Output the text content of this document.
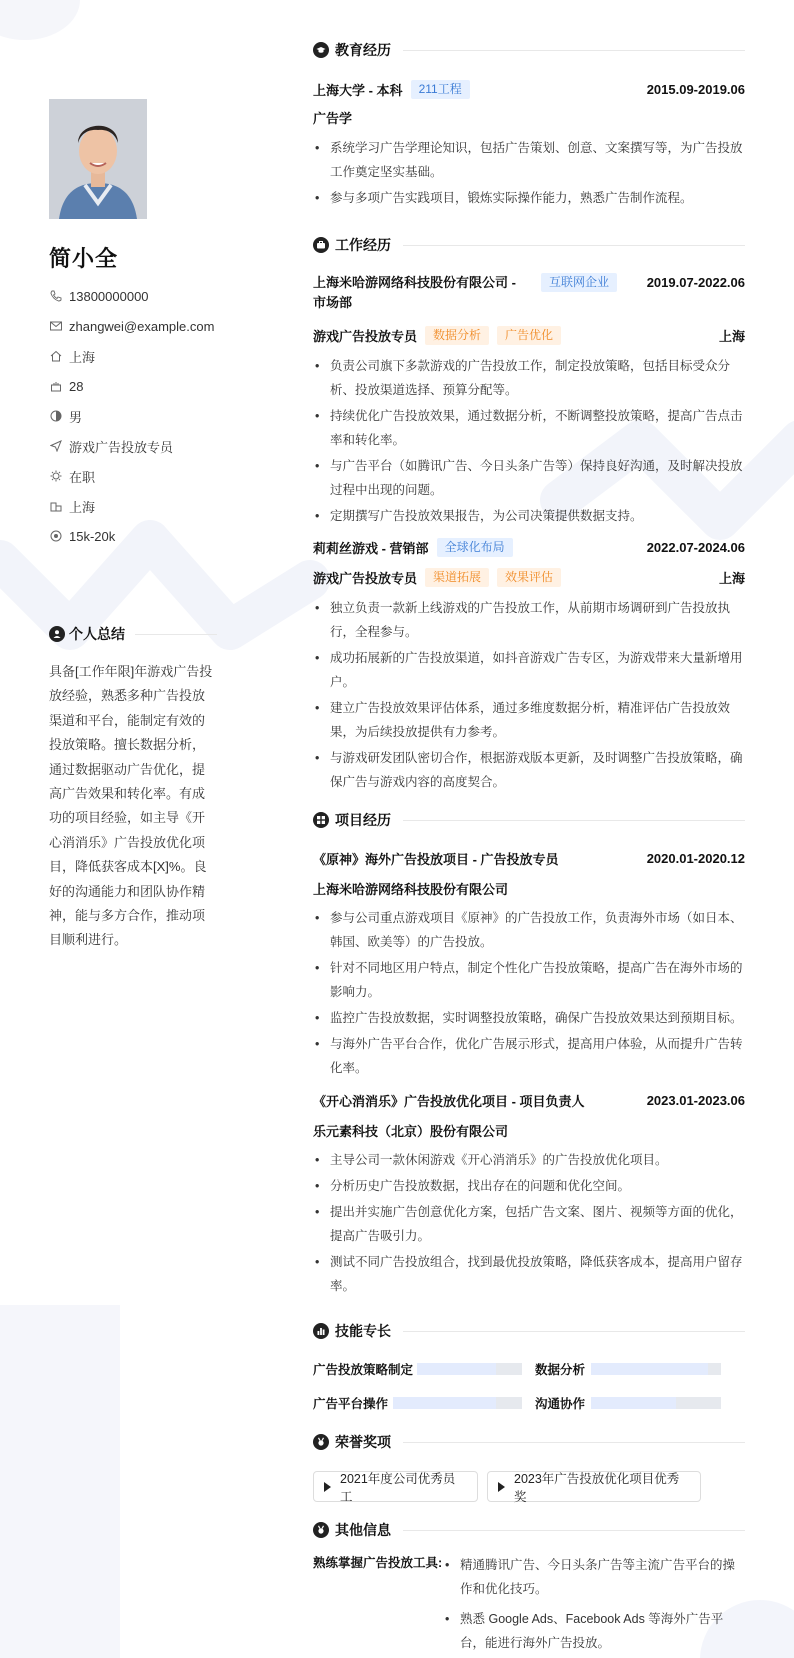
简小全
13800000000
zhangwei@example.com
上海
28
男
游戏广告投放专员
在职
上海
15k-20k
个人总结
具备[工作年限]年游戏广告投放经验，熟悉多种广告投放渠道和平台，能制定有效的投放策略。擅长数据分析，通过数据驱动广告优化，提高广告效果和转化率。有成功的项目经验，如主导《开心消消乐》广告投放优化项目，降低获客成本[X]%。良好的沟通能力和团队协作精神，能与多方合作，推动项目顺利进行。
教育经历
上海大学 - 本科	211工程	2015.09-2019.06
广告学
• 系统学习广告学理论知识，包括广告策划、创意、文案撰写等，为广告投放工作奠定坚实基础。
• 参与多项广告实践项目，锻炼实际操作能力，熟悉广告制作流程。
工作经历
上海米哈游网络科技股份有限公司 - 市场部
互联网企业	2019.07-2022.06
游戏广告投放专员	数据分析	广告优化	上海
• 负责公司旗下多款游戏的广告投放工作，制定投放策略，包括目标受众分析、投放渠道选择、预算分配等。
• 持续优化广告投放效果，通过数据分析，不断调整投放策略，提高广告点击率和转化率。
• 与广告平台（如腾讯广告、今日头条广告等）保持良好沟通，及时解决投放过程中出现的问题。
• 定期撰写广告投放效果报告，为公司决策提供数据支持。
莉莉丝游戏 - 营销部	全球化布局	2022.07-2024.06
游戏广告投放专员	渠道拓展	效果评估	上海
• 独立负责一款新上线游戏的广告投放工作，从前期市场调研到广告投放执行，全程参与。
• 成功拓展新的广告投放渠道，如抖音游戏广告专区，为游戏带来大量新增用户。
• 建立广告投放效果评估体系，通过多维度数据分析，精准评估广告投放效果，为后续投放提供有力参考。
• 与游戏研发团队密切合作，根据游戏版本更新，及时调整广告投放策略，确保广告与游戏内容的高度契合。
项目经历
《原神》海外广告投放项目 - 广告投放专员	2020.01-2020.12
上海米哈游网络科技股份有限公司
• 参与公司重点游戏项目《原神》的广告投放工作，负责海外市场（如日本、韩国、欧美等）的广告投放。
• 针对不同地区用户特点，制定个性化广告投放策略，提高广告在海外市场的影响力。
• 监控广告投放数据，实时调整投放策略，确保广告投放效果达到预期目标。
• 与海外广告平台合作，优化广告展示形式，提高用户体验，从而提升广告转化率。
《开心消消乐》广告投放优化项目 - 项目负责人	2023.01-2023.06
乐元素科技（北京）股份有限公司
• 主导公司一款休闲游戏《开心消消乐》的广告投放优化项目。
• 分析历史广告投放数据，找出存在的问题和优化空间。
• 提出并实施广告创意优化方案，包括广告文案、图片、视频等方面的优化，提高广告吸引力。
• 测试不同广告投放组合，找到最优投放策略，降低获客成本，提高用户留存率。
技能专长
广告投放策略制定	数据分析
广告平台操作	沟通协作
荣誉奖项
2021年度公司优秀员工
2023年广告投放优化项目优秀奖
其他信息
熟练掌握广告投放工具:
•	精通腾讯广告、今日头条广告等主流广告平台的操作和优化技巧。
• 熟悉 Google Ads、Facebook Ads 等海外广告平台，能进行海外广告投放。
